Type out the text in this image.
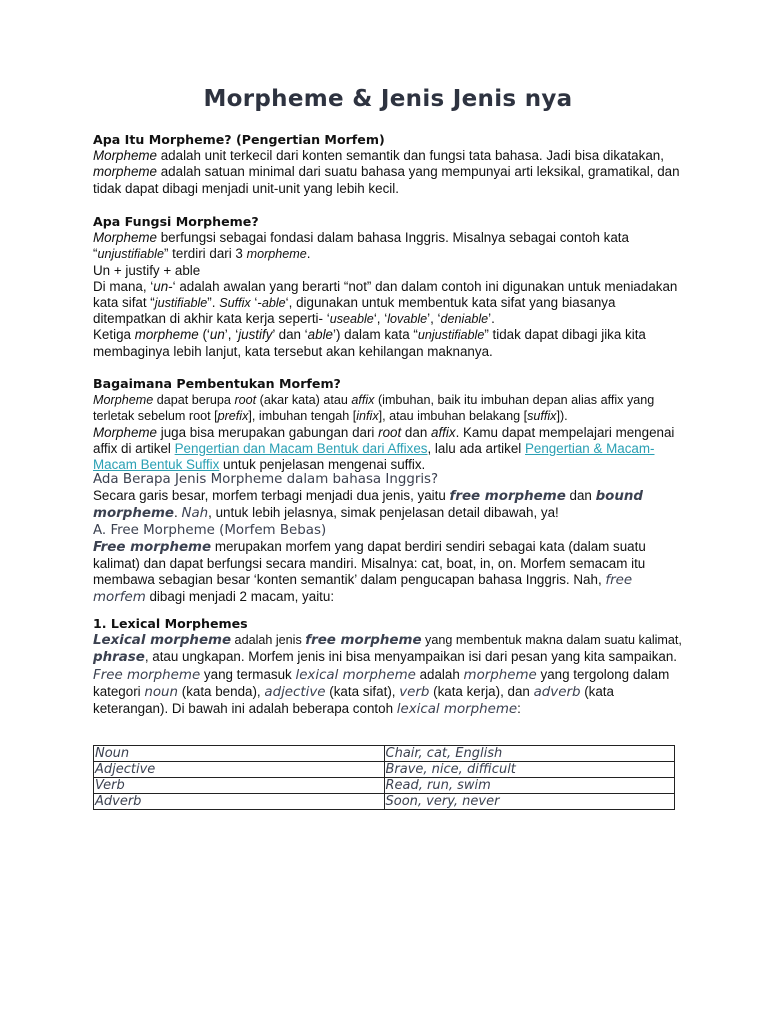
Morpheme & Jenis Jenis nya
Apa Itu Morpheme? (Pengertian Morfem)
Morpheme adalah unit terkecil dari konten semantik dan fungsi tata bahasa. Jadi bisa dikatakan, morpheme adalah satuan minimal dari suatu bahasa yang mempunyai arti leksikal, gramatikal, dan tidak dapat dibagi menjadi unit-unit yang lebih kecil.
Apa Fungsi Morpheme?
Morpheme berfungsi sebagai fondasi dalam bahasa Inggris. Misalnya sebagai contoh kata “unjustifiable” terdiri dari 3 morpheme.
Un + justify + able
Di mana, ‘un-‘ adalah awalan yang berarti “not” dan dalam contoh ini digunakan untuk meniadakan kata sifat “justifiable”. Suffix ‘-able‘, digunakan untuk membentuk kata sifat yang biasanya ditempatkan di akhir kata kerja seperti- ‘useable‘, ‘lovable’, ‘deniable’.
Ketiga morpheme (‘un’, ‘justify’ dan ‘able’) dalam kata “unjustifiable” tidak dapat dibagi jika kita membaginya lebih lanjut, kata tersebut akan kehilangan maknanya.
Bagaimana Pembentukan Morfem?
Morpheme dapat berupa root (akar kata) atau affix (imbuhan, baik itu imbuhan depan alias affix yang terletak sebelum root [prefix], imbuhan tengah [infix], atau imbuhan belakang [suffix]).
Morpheme juga bisa merupakan gabungan dari root dan affix. Kamu dapat mempelajari mengenai affix di artikel Pengertian dan Macam Bentuk dari Affixes, lalu ada artikel Pengertian & Macam-Macam Bentuk Suffix untuk penjelasan mengenai suffix.
Ada Berapa Jenis Morpheme dalam bahasa Inggris?
Secara garis besar, morfem terbagi menjadi dua jenis, yaitu free morpheme dan bound morpheme. Nah, untuk lebih jelasnya, simak penjelasan detail dibawah, ya!
A. Free Morpheme (Morfem Bebas)
Free morpheme merupakan morfem yang dapat berdiri sendiri sebagai kata (dalam suatu kalimat) dan dapat berfungsi secara mandiri. Misalnya: cat, boat, in, on. Morfem semacam itu membawa sebagian besar ‘konten semantik’ dalam pengucapan bahasa Inggris. Nah, free morfem dibagi menjadi 2 macam, yaitu:
1. Lexical Morphemes
Lexical morpheme adalah jenis free morpheme yang membentuk makna dalam suatu kalimat, phrase, atau ungkapan. Morfem jenis ini bisa menyampaikan isi dari pesan yang kita sampaikan.
Free morpheme yang termasuk lexical morpheme adalah morpheme yang tergolong dalam kategori noun (kata benda), adjective (kata sifat), verb (kata kerja), dan adverb (kata keterangan). Di bawah ini adalah beberapa contoh lexical morpheme:
Noun	Chair, cat, English
Adjective	Brave, nice, difficult
Verb	Read, run, swim
Adverb	Soon, very, never
